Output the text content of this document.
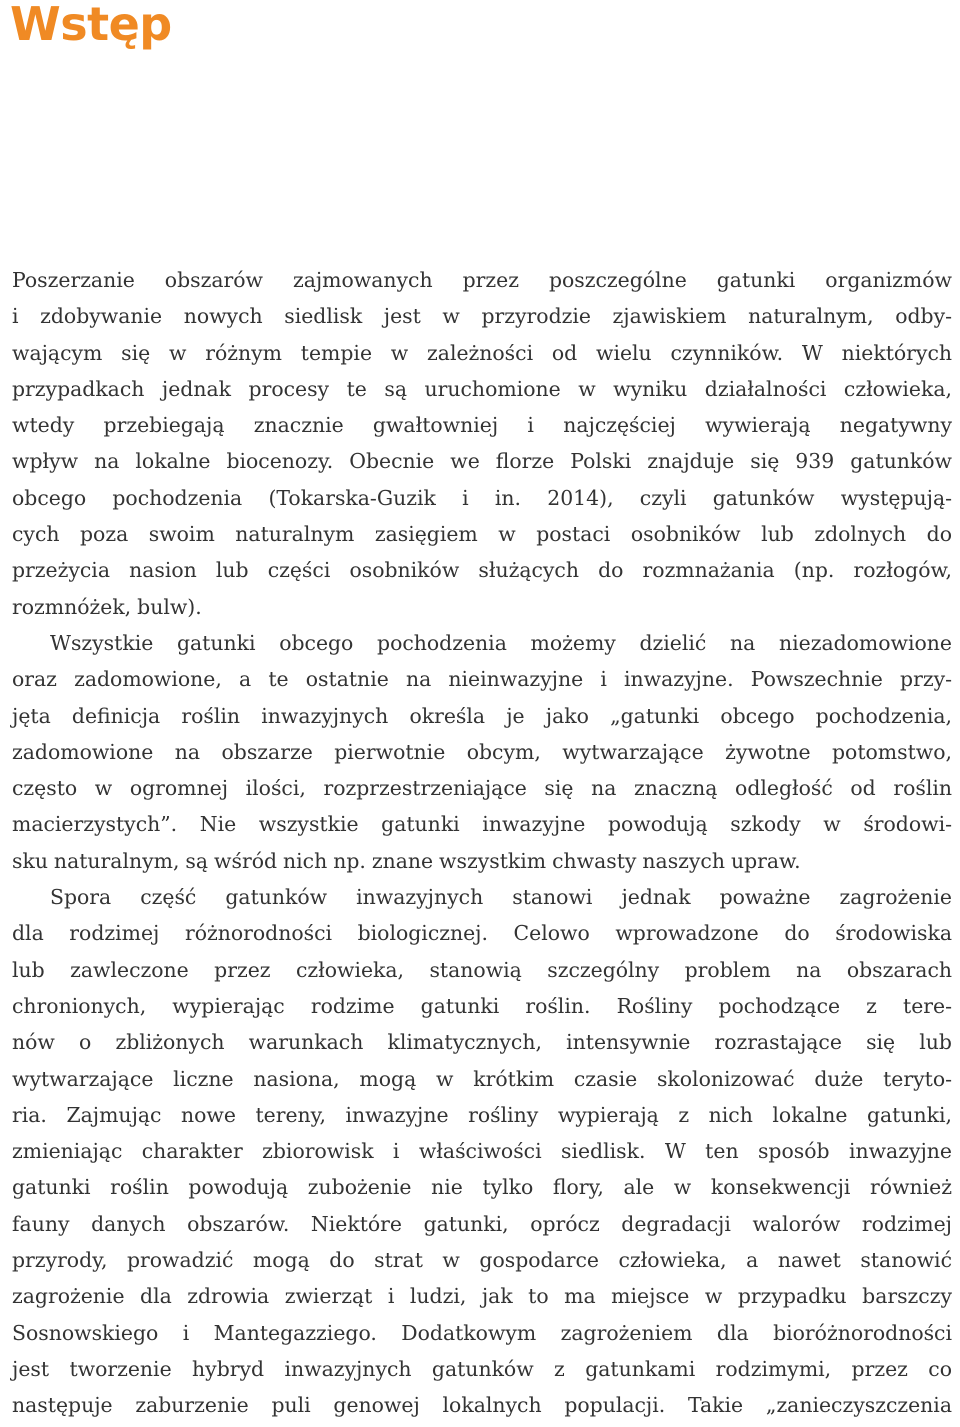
Wstęp
Poszerzanie obszarów zajmowanych przez poszczególne gatunki organizmów
i zdobywanie nowych siedlisk jest w przyrodzie zjawiskiem naturalnym, odby-
wającym się w różnym tempie w zależności od wielu czynników. W niektórych
przypadkach jednak procesy te są uruchomione w wyniku działalności człowieka,
wtedy przebiegają znacznie gwałtowniej i najczęściej wywierają negatywny
wpływ na lokalne biocenozy. Obecnie we florze Polski znajduje się 939 gatunków
obcego pochodzenia (Tokarska-Guzik i in. 2014), czyli gatunków występują-
cych poza swoim naturalnym zasięgiem w postaci osobników lub zdolnych do
przeżycia nasion lub części osobników służących do rozmnażania (np. rozłogów,
rozmnóżek, bulw).
Wszystkie gatunki obcego pochodzenia możemy dzielić na niezadomowione
oraz zadomowione, a te ostatnie na nieinwazyjne i inwazyjne. Powszechnie przy-
jęta definicja roślin inwazyjnych określa je jako „gatunki obcego pochodzenia,
zadomowione na obszarze pierwotnie obcym, wytwarzające żywotne potomstwo,
często w ogromnej ilości, rozprzestrzeniające się na znaczną odległość od roślin
macierzystych”. Nie wszystkie gatunki inwazyjne powodują szkody w środowi-
sku naturalnym, są wśród nich np. znane wszystkim chwasty naszych upraw.
Spora część gatunków inwazyjnych stanowi jednak poważne zagrożenie
dla rodzimej różnorodności biologicznej. Celowo wprowadzone do środowiska
lub zawleczone przez człowieka, stanowią szczególny problem na obszarach
chronionych, wypierając rodzime gatunki roślin. Rośliny pochodzące z tere-
nów o zbliżonych warunkach klimatycznych, intensywnie rozrastające się lub
wytwarzające liczne nasiona, mogą w krótkim czasie skolonizować duże teryto-
ria. Zajmując nowe tereny, inwazyjne rośliny wypierają z nich lokalne gatunki,
zmieniając charakter zbiorowisk i właściwości siedlisk. W ten sposób inwazyjne
gatunki roślin powodują zubożenie nie tylko flory, ale w konsekwencji również
fauny danych obszarów. Niektóre gatunki, oprócz degradacji walorów rodzimej
przyrody, prowadzić mogą do strat w gospodarce człowieka, a nawet stanowić
zagrożenie dla zdrowia zwierząt i ludzi, jak to ma miejsce w przypadku barszczy
Sosnowskiego i Mantegazziego. Dodatkowym zagrożeniem dla bioróżnorodności
jest tworzenie hybryd inwazyjnych gatunków z gatunkami rodzimymi, przez co
następuje zaburzenie puli genowej lokalnych populacji. Takie „zanieczyszczenia
